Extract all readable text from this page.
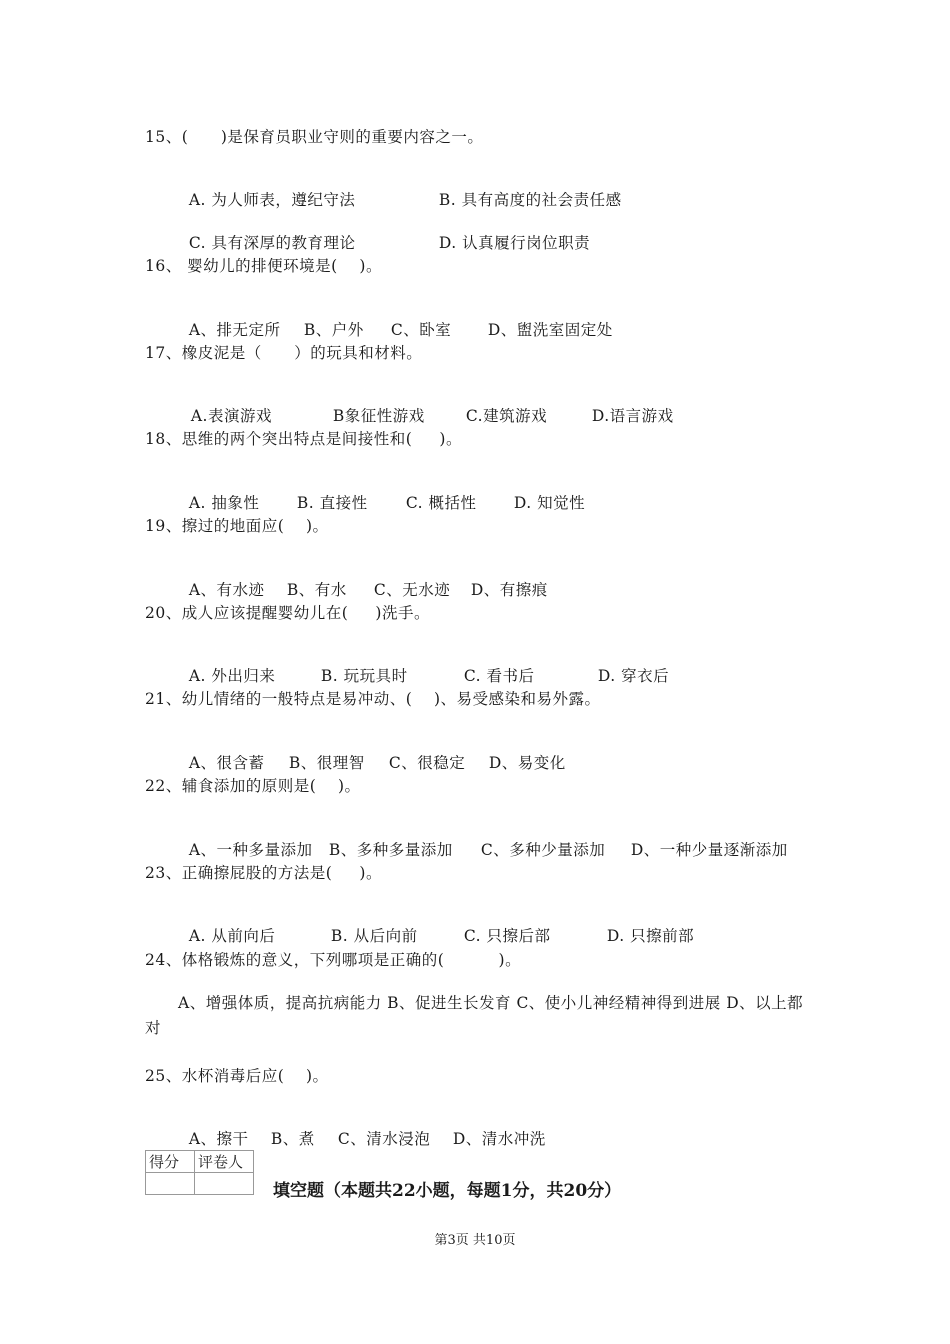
15、(      )是保育员职业守则的重要内容之一。

A. 为人师表，遵纪守法	B. 具有高度的社会责任感

C. 具有深厚的教育理论	D. 认真履行岗位职责

16、 婴幼儿的排便环境是(    )。

A、排无定所 B、户外 C、卧室 D、盥洗室固定处

17、橡皮泥是（      ）的玩具和材料。

A.表演游戏	B象征性游戏	C.建筑游戏	D.语言游戏

18、思维的两个突出特点是间接性和(     )。

A. 抽象性 B. 直接性 C. 概括性 D. 知觉性

19、擦过的地面应(    )。

A、有水迹 B、有水 C、无水迹 D、有擦痕

20、成人应该提醒婴幼儿在(     )洗手。

A. 外出归来	B. 玩玩具时	C. 看书后	D. 穿衣后

21、幼儿情绪的一般特点是易冲动、(    )、易受感染和易外露。

A、很含蓄 B、很理智 C、很稳定 D、易变化

22、辅食添加的原则是(    )。

A、一种多量添加 B、多种多量添加 C、多种少量添加 D、一种少量逐渐添加

23、正确擦屁股的方法是(     )。

A. 从前向后	B. 从后向前	C. 只擦后部	D. 只擦前部

24、体格锻炼的意义，下列哪项是正确的(          )。
A、增强体质，提高抗病能力 B、促进生长发育 C、使小儿神经精神得到进展 D、以上都对
25、水杯消毒后应(    )。

A、擦干 B、煮 C、清水浸泡 D、清水冲洗

得分	评卷人

填空题（本题共22小题，每题1分，共20分）
第3页 共10页
